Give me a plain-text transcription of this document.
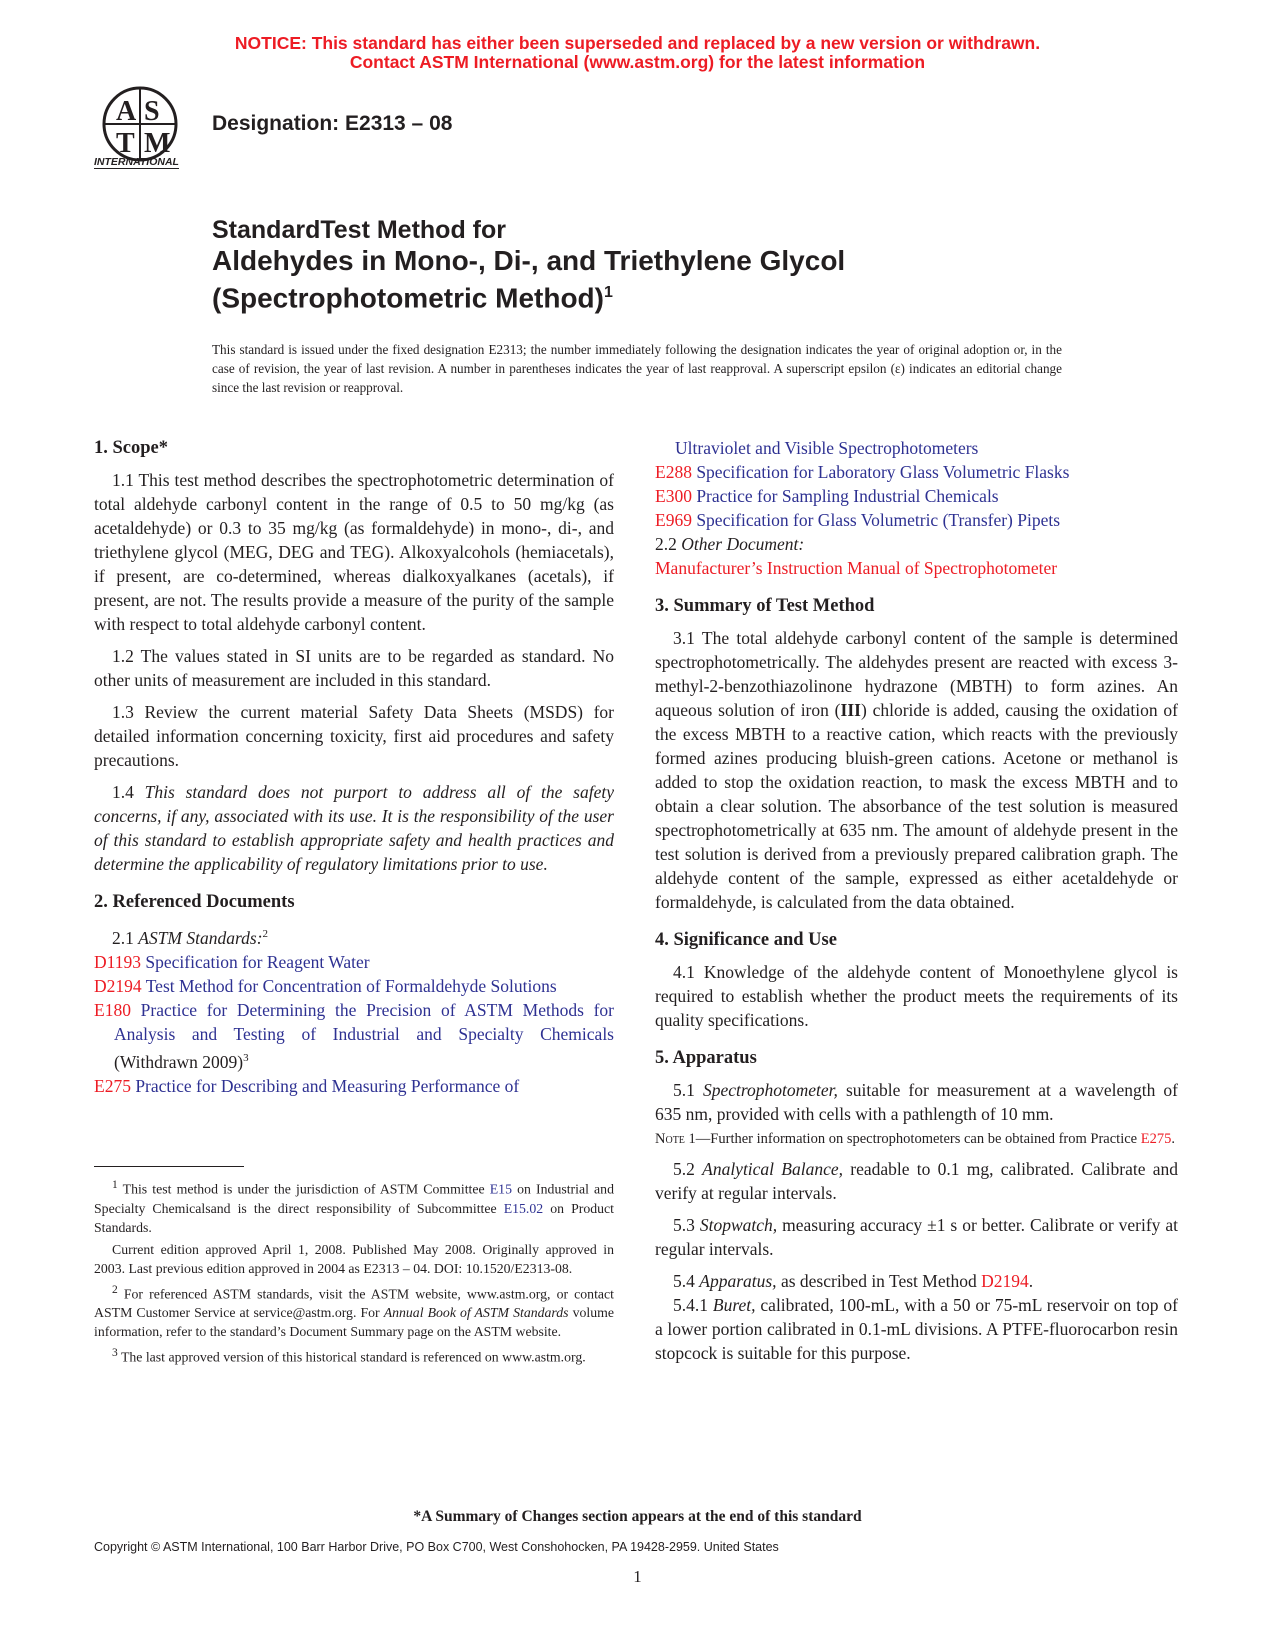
NOTICE: This standard has either been superseded and replaced by a new version or withdrawn.
Contact ASTM International (www.astm.org) for the latest information
A S
T M
INTERNATIONAL
Designation: E2313 – 08
StandardTest Method for
Aldehydes in Mono-, Di-, and Triethylene Glycol
(Spectrophotometric Method)$^1$
This standard is issued under the fixed designation E2313; the number immediately following the designation indicates the year of original adoption or, in the case of revision, the year of last revision. A number in parentheses indicates the year of last reapproval. A superscript epsilon (ε) indicates an editorial change since the last revision or reapproval.
1. Scope*

1.1 This test method describes the spectrophotometric determination of total aldehyde carbonyl content in the range of 0.5 to 50 mg/kg (as acetaldehyde) or 0.3 to 35 mg/kg (as formaldehyde) in mono-, di-, and triethylene glycol (MEG, DEG and TEG). Alkoxyalcohols (hemiacetals), if present, are co-determined, whereas dialkoxyalkanes (acetals), if present, are not. The results provide a measure of the purity of the sample with respect to total aldehyde carbonyl content.

1.2 The values stated in SI units are to be regarded as standard. No other units of measurement are included in this standard.

1.3 Review the current material Safety Data Sheets (MSDS) for detailed information concerning toxicity, first aid procedures and safety precautions.

1.4 This standard does not purport to address all of the safety concerns, if any, associated with its use. It is the responsibility of the user of this standard to establish appropriate safety and health practices and determine the applicability of regulatory limitations prior to use.

2. Referenced Documents

2.1 ASTM Standards:$^2$

D1193 Specification for Reagent Water
D2194 Test Method for Concentration of Formaldehyde Solutions
E180 Practice for Determining the Precision of ASTM Methods for Analysis and Testing of Industrial and Specialty Chemicals (Withdrawn 2009)$^3$
E275 Practice for Describing and Measuring Performance of

$^1$ This test method is under the jurisdiction of ASTM Committee E15 on Industrial and Specialty Chemicalsand is the direct responsibility of Subcommittee E15.02 on Product Standards.

Current edition approved April 1, 2008. Published May 2008. Originally approved in 2003. Last previous edition approved in 2004 as E2313 – 04. DOI: 10.1520/E2313-08.

$^2$ For referenced ASTM standards, visit the ASTM website, www.astm.org, or contact ASTM Customer Service at service@astm.org. For Annual Book of ASTM Standards volume information, refer to the standard’s Document Summary page on the ASTM website.

$^3$ The last approved version of this historical standard is referenced on www.astm.org.

Ultraviolet and Visible Spectrophotometers
E288 Specification for Laboratory Glass Volumetric Flasks
E300 Practice for Sampling Industrial Chemicals
E969 Specification for Glass Volumetric (Transfer) Pipets

2.2 Other Document:

Manufacturer’s Instruction Manual of Spectrophotometer
3. Summary of Test Method

3.1 The total aldehyde carbonyl content of the sample is determined spectrophotometrically. The aldehydes present are reacted with excess 3-methyl-2-benzothiazolinone hydrazone (MBTH) to form azines. An aqueous solution of iron (III) chloride is added, causing the oxidation of the excess MBTH to a reactive cation, which reacts with the previously formed azines producing bluish-green cations. Acetone or methanol is added to stop the oxidation reaction, to mask the excess MBTH and to obtain a clear solution. The absorbance of the test solution is measured spectrophotometrically at 635 nm. The amount of aldehyde present in the test solution is derived from a previously prepared calibration graph. The aldehyde content of the sample, expressed as either acetaldehyde or formaldehyde, is calculated from the data obtained.

4. Significance and Use

4.1 Knowledge of the aldehyde content of Monoethylene glycol is required to establish whether the product meets the requirements of its quality specifications.

5. Apparatus

5.1 Spectrophotometer, suitable for measurement at a wavelength of 635 nm, provided with cells with a pathlength of 10 mm.

Note 1—Further information on spectrophotometers can be obtained from Practice E275.

5.2 Analytical Balance, readable to 0.1 mg, calibrated. Calibrate and verify at regular intervals.

5.3 Stopwatch, measuring accuracy ±1 s or better. Calibrate or verify at regular intervals.

5.4 Apparatus, as described in Test Method D2194.

5.4.1 Buret, calibrated, 100-mL, with a 50 or 75-mL reservoir on top of a lower portion calibrated in 0.1-mL divisions. A PTFE-fluorocarbon resin stopcock is suitable for this purpose.

*A Summary of Changes section appears at the end of this standard
Copyright © ASTM International, 100 Barr Harbor Drive, PO Box C700, West Conshohocken, PA 19428-2959. United States
1
